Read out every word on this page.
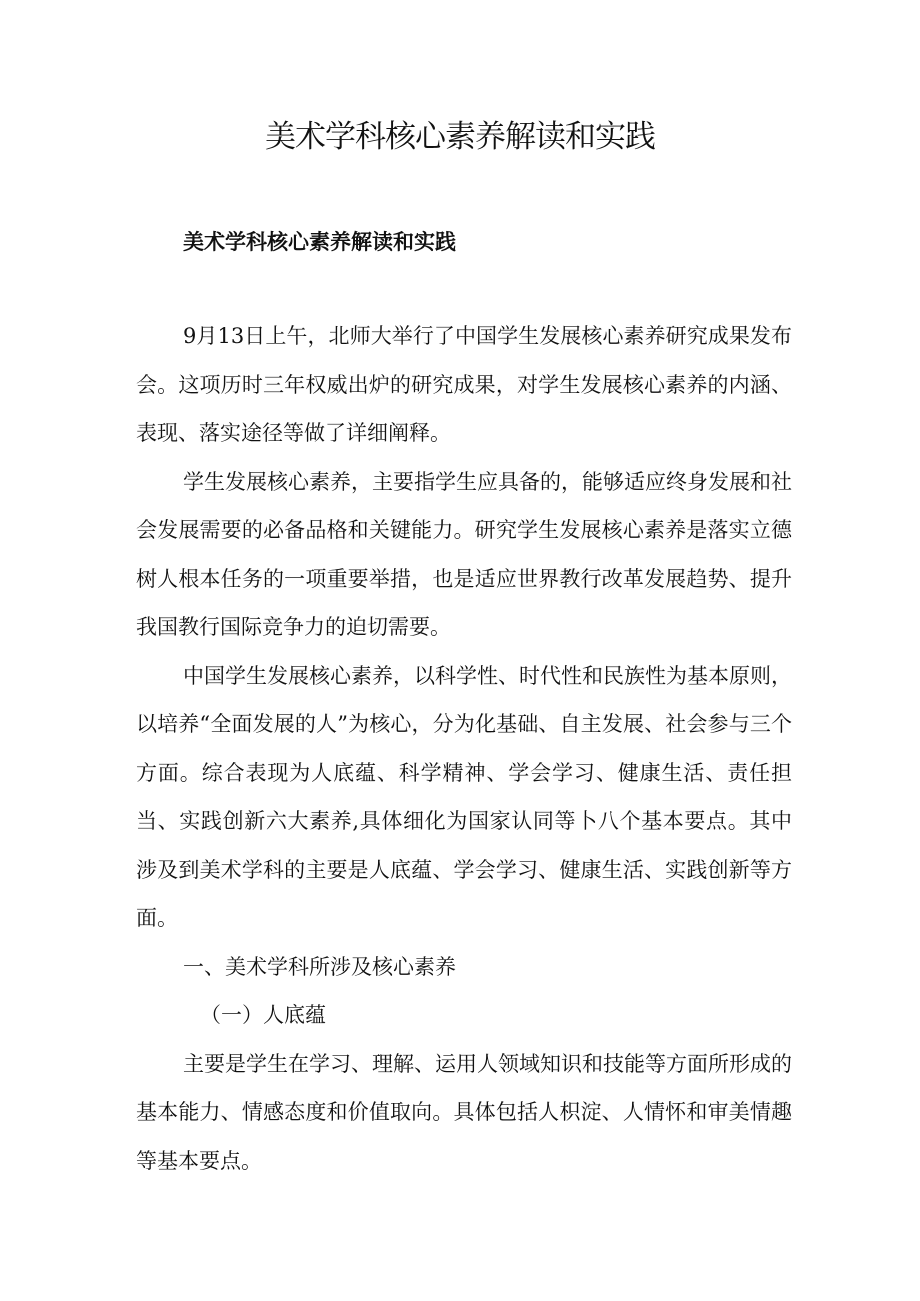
美术学科核心素养解读和实践
美术学科核心素养解读和实践

9月13日上午，北师大举行了中国学生发展核心素养研究成果发布会。这项历时三年权威出炉的研究成果，对学生发展核心素养的内涵、表现、落实途径等做了详细阐释。

学生发展核心素养，主要指学生应具备的，能够适应终身发展和社会发展需要的必备品格和关键能力。研究学生发展核心素养是落实立德树人根本任务的一项重要举措，也是适应世界教行改革发展趋势、提升我国教行国际竞争力的迫切需要。

中国学生发展核心素养，以科学性、时代性和民族性为基本原则，以培养“全面发展的人”为核心，分为化基础、自主发展、社会参与三个方面。综合表现为人底蕴、科学精神、学会学习、健康生活、责任担当、实践创新六大素养,具体细化为国家认同等卜八个基本要点。其中涉及到美术学科的主要是人底蕴、学会学习、健康生活、实践创新等方面。

一、美术学科所涉及核心素养

（一）人底蕴

主要是学生在学习、理解、运用人领域知识和技能等方面所形成的基本能力、情感态度和价值取向。具体包括人枳淀、人情怀和审美情趣等基本要点。
